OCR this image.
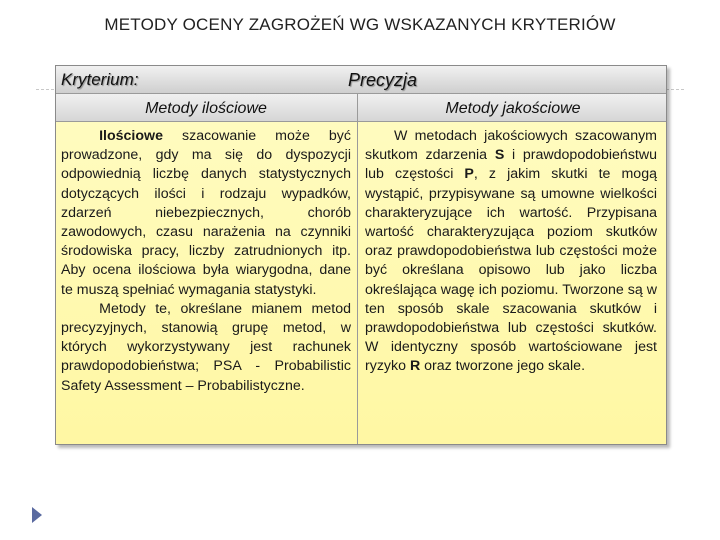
METODY OCENY ZAGROŻEŃ WG WSKAZANYCH KRYTERIÓW
Kryterium:	Precyzja
Metody ilościowe	Metody jakościowe

Ilościowe szacowanie może być prowadzone, gdy ma się do dyspozycji odpowiednią liczbę danych statystycznych dotyczących ilości i rodzaju wypadków, zdarzeń niebezpiecznych, chorób zawodowych, czasu narażenia na czynniki środowiska pracy, liczby zatrudnionych itp. Aby ocena ilościowa była wiarygodna, dane te muszą spełniać wymagania statystyki.

Metody te, określane mianem metod precyzyjnych, stanowią grupę metod, w których wykorzystywany jest rachunek prawdopodobieństwa; PSA - Probabilistic Safety Assessment – Probabilistyczne.

W metodach jakościowych szacowanym skutkom zdarzenia S i prawdopodobieństwu lub częstości P, z jakim skutki te mogą wystąpić, przypisywane są umowne wielkości charakteryzujące ich wartość. Przypisana wartość charakteryzująca poziom skutków oraz prawdopodobieństwa lub częstości może być określana opisowo lub jako liczba określająca wagę ich poziomu. Tworzone są w ten sposób skale szacowania skutków i prawdopodobieństwa lub częstości skutków. W identyczny sposób wartościowane jest ryzyko R oraz tworzone jego skale.
